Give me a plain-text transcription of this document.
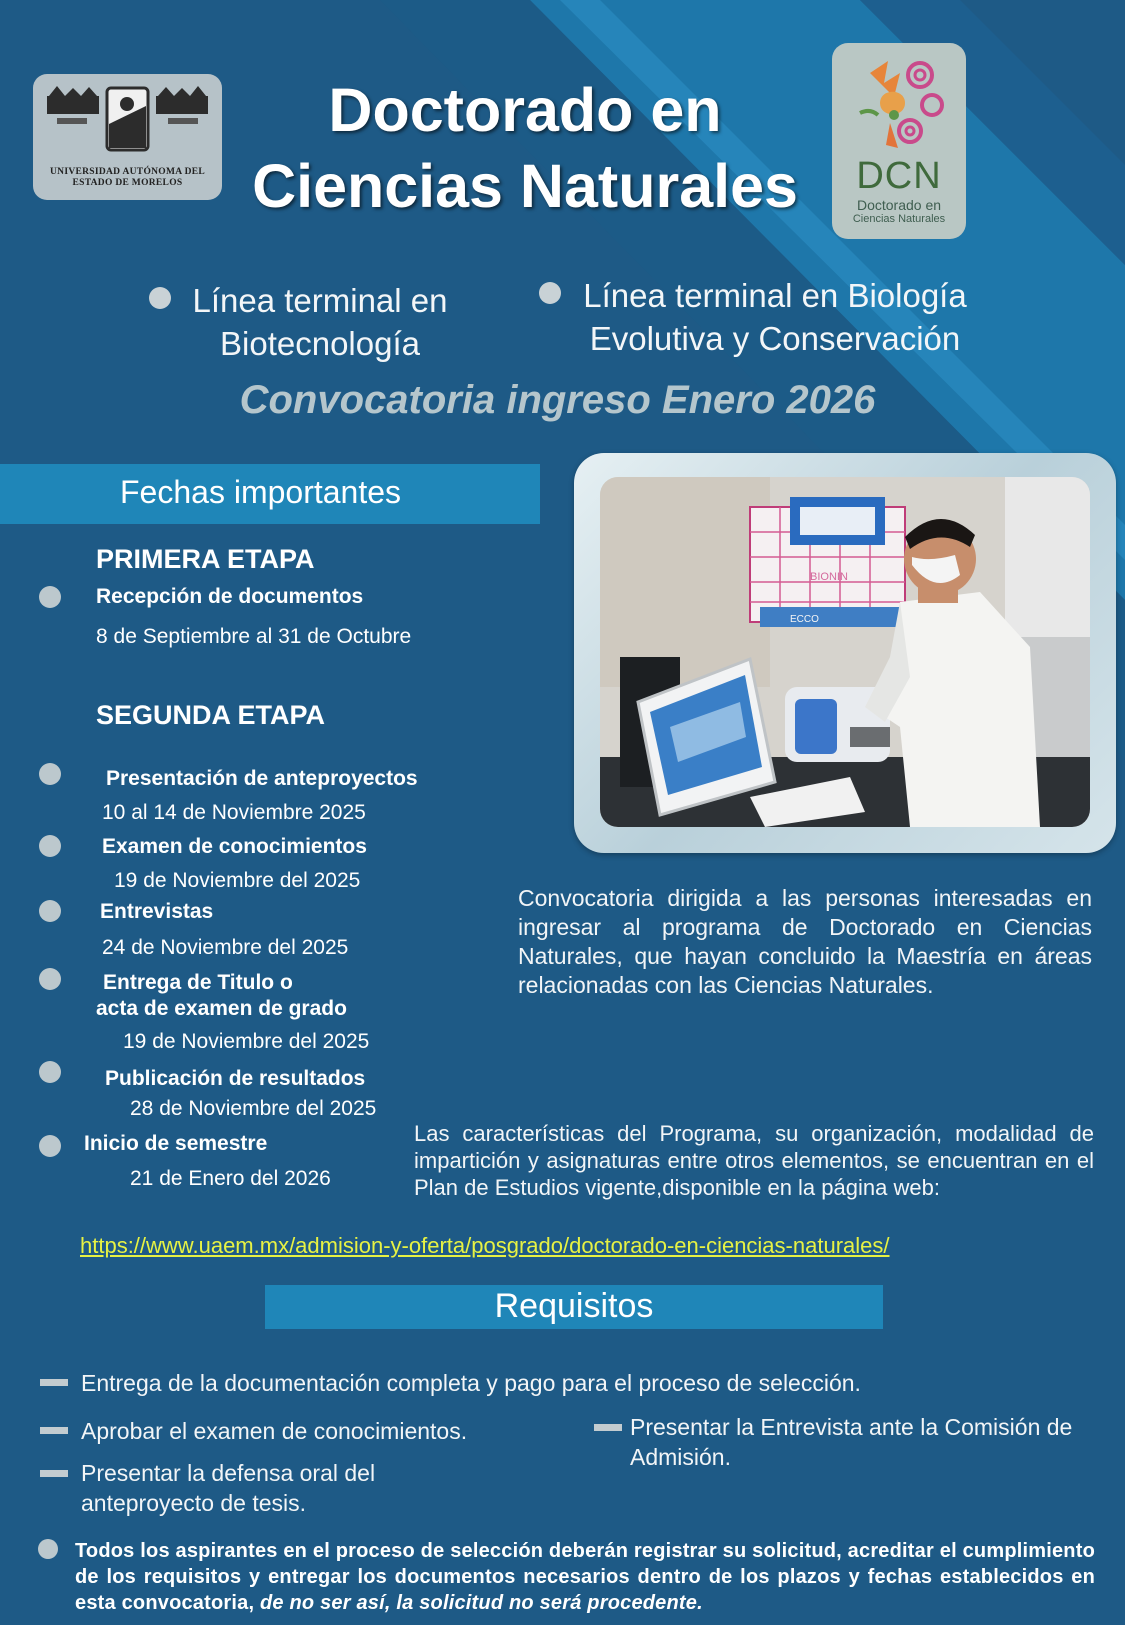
UNIVERSIDAD AUTÓNOMA DEL
ESTADO DE MORELOS
Doctorado en
Ciencias Naturales	DCN
Doctorado en
Ciencias Naturales
Línea terminal en
Biotecnología
Línea terminal en Biología
Evolutiva y Conservación
Convocatoria ingreso Enero 2026
Fechas importantes
PRIMERA ETAPA
Recepción de documentos
8 de Septiembre al 31 de Octubre
SEGUNDA ETAPA
Presentación de anteproyectos
10 al 14 de Noviembre 2025
Examen de conocimientos
19 de Noviembre del 2025
Entrevistas
24 de Noviembre del 2025
Entrega de Titulo o
acta de examen de grado
19 de Noviembre del 2025
Publicación de resultados
28 de Noviembre del 2025
Inicio de semestre
21 de Enero del 2026
BIONIN
ECCO
Convocatoria dirigida a las personas interesadas en ingresar al programa de Doctorado en Ciencias Naturales, que hayan concluido la Maestría en áreas relacionadas con las Ciencias Naturales.
Las características del Programa, su organización, modalidad de impartición y asignaturas entre otros elementos, se encuentran en el Plan de Estudios vigente,disponible en la página web:
https://www.uaem.mx/admision-y-oferta/posgrado/doctorado-en-ciencias-naturales/
Requisitos
Entrega de la documentación completa y pago para el proceso de selección.
Aprobar el examen de conocimientos.	Presentar la Entrevista ante la Comisión de Admisión.
Presentar la defensa oral del anteproyecto de tesis.
Todos los aspirantes en el proceso de selección deberán registrar su solicitud, acreditar el cumplimiento de los requisitos y entregar los documentos necesarios dentro de los plazos y fechas establecidos en esta convocatoria, de no ser así, la solicitud no será procedente.
